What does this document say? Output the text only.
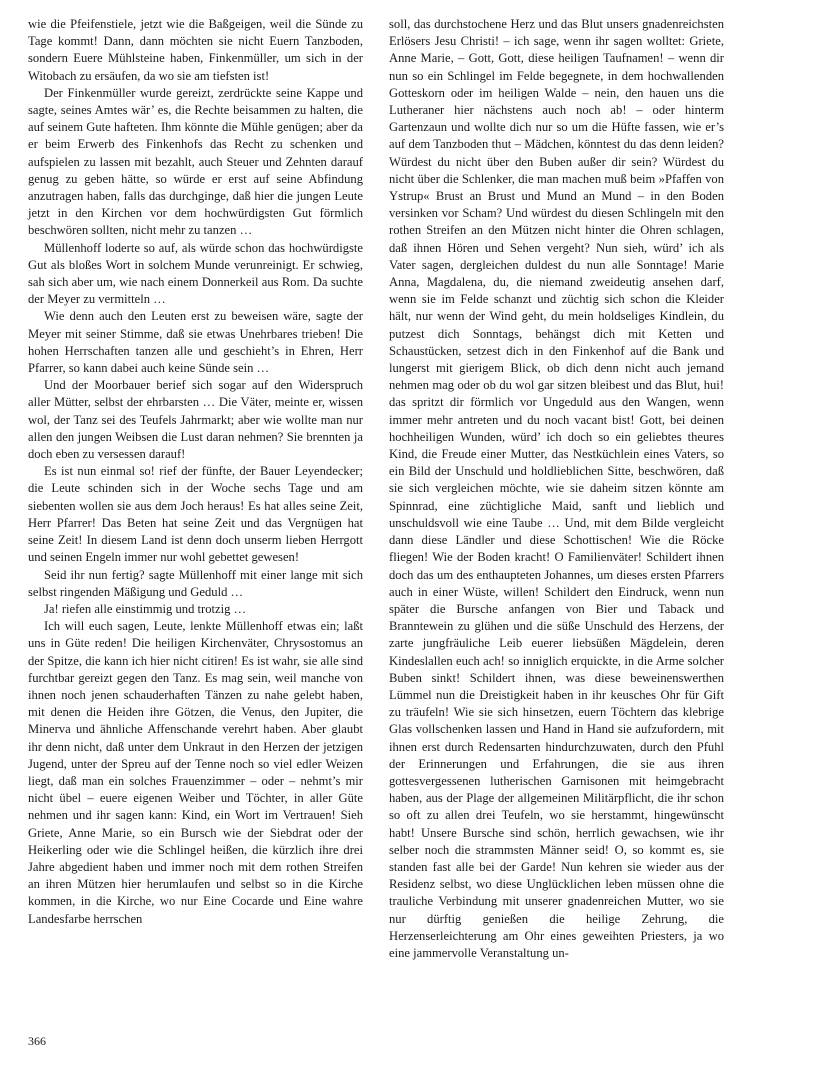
wie die Pfeifenstiele, jetzt wie die Baßgeigen, weil die Sünde zu Tage kommt! Dann, dann möchten sie nicht Euern Tanzboden, sondern Euere Mühlsteine haben, Finkenmüller, um sich in der Witobach zu ersäufen, da wo sie am tiefsten ist!

Der Finkenmüller wurde gereizt, zerdrückte seine Kappe und sagte, seines Amtes wär’ es, die Rechte beisammen zu halten, die auf seinem Gute hafteten. Ihm könnte die Mühle genügen; aber da er beim Erwerb des Finkenhofs das Recht zu schenken und aufspielen zu lassen mit bezahlt, auch Steuer und Zehnten darauf genug zu geben hätte, so würde er erst auf seine Abfindung anzutragen haben, falls das durchginge, daß hier die jungen Leute jetzt in den Kirchen vor dem hochwürdigsten Gut förmlich beschwören sollten, nicht mehr zu tanzen …

Müllenhoff loderte so auf, als würde schon das hochwürdigste Gut als bloßes Wort in solchem Munde verunreinigt. Er schwieg, sah sich aber um, wie nach einem Donnerkeil aus Rom. Da suchte der Meyer zu vermitteln …

Wie denn auch den Leuten erst zu beweisen wäre, sagte der Meyer mit seiner Stimme, daß sie etwas Unehrbares trieben! Die hohen Herrschaften tanzen alle und geschieht’s in Ehren, Herr Pfarrer, so kann dabei auch keine Sünde sein …

Und der Moorbauer berief sich sogar auf den Widerspruch aller Mütter, selbst der ehrbarsten … Die Väter, meinte er, wissen wol, der Tanz sei des Teufels Jahrmarkt; aber wie wollte man nur allen den jungen Weibsen die Lust daran nehmen? Sie brennten ja doch eben zu versessen darauf!

Es ist nun einmal so! rief der fünfte, der Bauer Leyendecker; die Leute schinden sich in der Woche sechs Tage und am siebenten wollen sie aus dem Joch heraus! Es hat alles seine Zeit, Herr Pfarrer! Das Beten hat seine Zeit und das Vergnügen hat seine Zeit! In diesem Land ist denn doch unserm lieben Herrgott und seinen Engeln immer nur wohl gebettet gewesen!

Seid ihr nun fertig? sagte Müllenhoff mit einer lange mit sich selbst ringenden Mäßigung und Geduld …

Ja! riefen alle einstimmig und trotzig …

Ich will euch sagen, Leute, lenkte Müllenhoff etwas ein; laßt uns in Güte reden! Die heiligen Kirchenväter, Chrysostomus an der Spitze, die kann ich hier nicht citiren! Es ist wahr, sie alle sind furchtbar gereizt gegen den Tanz. Es mag sein, weil manche von ihnen noch jenen schauderhaften Tänzen zu nahe gelebt haben, mit denen die Heiden ihre Götzen, die Venus, den Jupiter, die Minerva und ähnliche Affenschande verehrt haben. Aber glaubt ihr denn nicht, daß unter dem Unkraut in den Herzen der jetzigen Jugend, unter der Spreu auf der Tenne noch so viel edler Weizen liegt, daß man ein solches Frauenzimmer – oder – nehmt’s mir nicht übel – euere eigenen Weiber und Töchter, in aller Güte nehmen und ihr sagen kann: Kind, ein Wort im Vertrauen! Sieh Griete, Anne Marie, so ein Bursch wie der Siebdrat oder der Heikerling oder wie die Schlingel heißen, die kürzlich ihre drei Jahre abgedient haben und immer noch mit dem rothen Streifen an ihren Mützen hier herumlaufen und selbst so in die Kirche kommen, in die Kirche, wo nur Eine Cocarde und Eine wahre Landesfarbe herrschen

soll, das durchstochene Herz und das Blut unsers gnadenreichsten Erlösers Jesu Christi! – ich sage, wenn ihr sagen wolltet: Griete, Anne Marie, – Gott, Gott, diese heiligen Taufnamen! – wenn dir nun so ein Schlingel im Felde begegnete, in dem hochwallenden Gotteskorn oder im heiligen Walde – nein, den hauen uns die Lutheraner hier nächstens auch noch ab! – oder hinterm Gartenzaun und wollte dich nur so um die Hüfte fassen, wie er’s auf dem Tanzboden thut – Mädchen, könntest du das denn leiden? Würdest du nicht über den Buben außer dir sein? Würdest du nicht über die Schlenker, die man machen muß beim »Pfaffen von Ystrup« Brust an Brust und Mund an Mund – in den Boden versinken vor Scham? Und würdest du diesen Schlingeln mit den rothen Streifen an den Mützen nicht hinter die Ohren schlagen, daß ihnen Hören und Sehen vergeht? Nun sieh, würd’ ich als Vater sagen, dergleichen duldest du nun alle Sonntage! Marie Anna, Magdalena, du, die niemand zweideutig ansehen darf, wenn sie im Felde schanzt und züchtig sich schon die Kleider hält, nur wenn der Wind geht, du mein holdseliges Kindlein, du putzest dich Sonntags, behängst dich mit Ketten und Schaustücken, setzest dich in den Finkenhof auf die Bank und lungerst mit gierigem Blick, ob dich denn nicht auch jemand nehmen mag oder ob du wol gar sitzen bleibest und das Blut, hui! das spritzt dir förmlich vor Ungeduld aus den Wangen, wenn immer mehr antreten und du noch vacant bist! Gott, bei deinen hochheiligen Wunden, würd’ ich doch so ein geliebtes theures Kind, die Freude einer Mutter, das Nestküchlein eines Vaters, so ein Bild der Unschuld und holdlieblichen Sitte, beschwören, daß sie sich vergleichen möchte, wie sie daheim sitzen könnte am Spinnrad, eine züchtigliche Maid, sanft und lieblich und unschuldsvoll wie eine Taube … Und, mit dem Bilde vergleicht dann diese Ländler und diese Schottischen! Wie die Röcke fliegen! Wie der Boden kracht! O Familienväter! Schildert ihnen doch das um des enthaupteten Johannes, um dieses ersten Pfarrers auch in einer Wüste, willen! Schildert den Eindruck, wenn nun später die Bursche anfangen von Bier und Taback und Branntewein zu glühen und die süße Unschuld des Herzens, der zarte jungfräuliche Leib euerer liebsüßen Mägdelein, deren Kindeslallen euch ach! so inniglich erquickte, in die Arme solcher Buben sinkt! Schildert ihnen, was diese beweinenswerthen Lümmel nun die Dreistigkeit haben in ihr keusches Ohr für Gift zu träufeln! Wie sie sich hinsetzen, euern Töchtern das klebrige Glas vollschenken lassen und Hand in Hand sie aufzufordern, mit ihnen erst durch Redensarten hindurchzuwaten, durch den Pfuhl der Erinnerungen und Erfahrungen, die sie aus ihren gottesvergessenen lutherischen Garnisonen mit heimgebracht haben, aus der Plage der allgemeinen Militärpflicht, die ihr schon so oft zu allen drei Teufeln, wo sie herstammt, hingewünscht habt! Unsere Bursche sind schön, herrlich gewachsen, wie ihr selber noch die strammsten Männer seid! O, so kommt es, sie standen fast alle bei der Garde! Nun kehren sie wieder aus der Residenz selbst, wo diese Unglücklichen leben müssen ohne die trauliche Verbindung mit unserer gnadenreichen Mutter, wo sie nur dürftig genießen die heilige Zehrung, die Herzenserleichterung am Ohr eines geweihten Priesters, ja wo eine jammervolle Veranstaltung un-

366
